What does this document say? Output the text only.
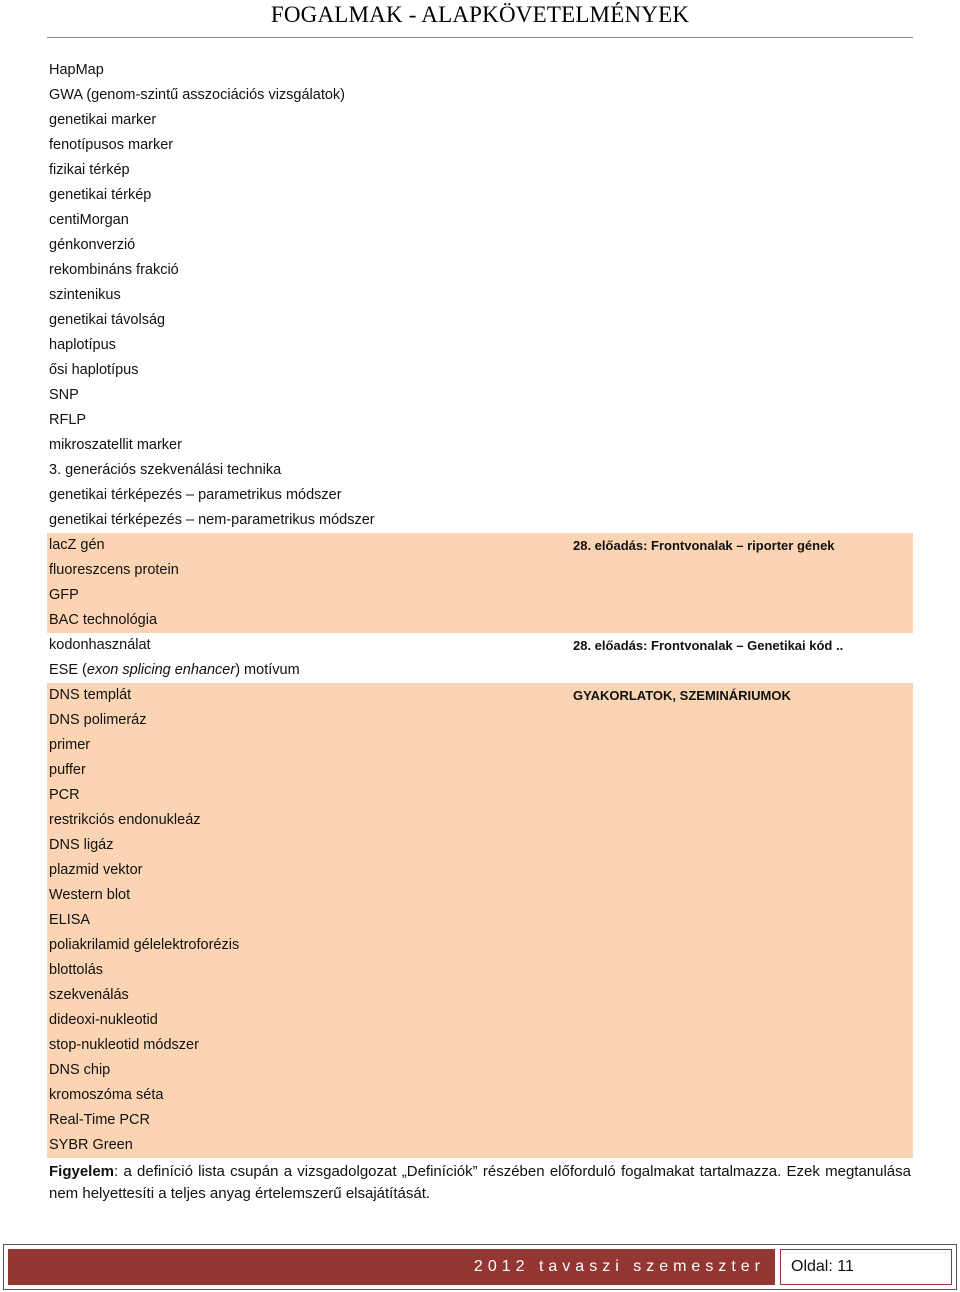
FOGALMAK - ALAPKÖVETELMÉNYEK
HapMap
GWA (genom-szintű asszociációs vizsgálatok)
genetikai marker
fenotípusos marker
fizikai térkép
genetikai térkép
centiMorgan
génkonverzió
rekombináns frakció
szintenikus
genetikai távolság
haplotípus
ősi haplotípus
SNP
RFLP
mikroszatellit marker
3. generációs szekvenálási technika
genetikai térképezés – parametrikus módszer
genetikai térképezés – nem-parametrikus módszer
28. előadás: Frontvonalak – riporter gének
lacZ gén
fluoreszcens protein
GFP
BAC technológia
28. előadás: Frontvonalak – Genetikai kód ..
kodonhasználat
ESE (exon splicing enhancer) motívum
GYAKORLATOK, SZEMINÁRIUMOK
DNS templát
DNS polimeráz
primer
puffer
PCR
restrikciós endonukleáz
DNS ligáz
plazmid vektor
Western blot
ELISA
poliakrilamid gélelektroforézis
blottolás
szekvenálás
dideoxi-nukleotid
stop-nukleotid módszer
DNS chip
kromoszóma séta
Real-Time PCR
SYBR Green

Figyelem: a definíció lista csupán a vizsgadolgozat „Definíciók” részében előforduló fogalmakat tartalmazza. Ezek megtanulása nem helyettesíti a teljes anyag értelemszerű elsajátítását.

2012 tavaszi szemeszter	Oldal: 11
